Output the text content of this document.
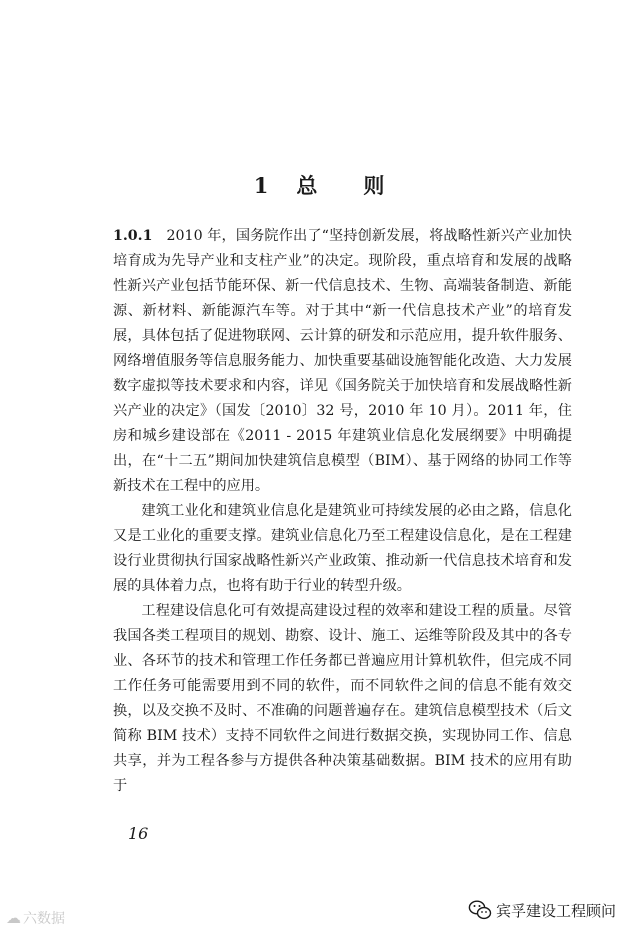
1 总 则

1.0.1 2010 年，国务院作出了“坚持创新发展，将战略性新兴产业加快培育成为先导产业和支柱产业”的决定。现阶段，重点培育和发展的战略性新兴产业包括节能环保、新一代信息技术、生物、高端装备制造、新能源、新材料、新能源汽车等。对于其中“新一代信息技术产业”的培育发展，具体包括了促进物联网、云计算的研发和示范应用，提升软件服务、网络增值服务等信息服务能力、加快重要基础设施智能化改造、大力发展数字虚拟等技术要求和内容，详见《国务院关于加快培育和发展战略性新兴产业的决定》（国发〔2010〕32 号，2010 年 10 月）。2011 年，住房和城乡建设部在《2011 - 2015 年建筑业信息化发展纲要》中明确提出，在“十二五”期间加快建筑信息模型（BIM）、基于网络的协同工作等新技术在工程中的应用。

建筑工业化和建筑业信息化是建筑业可持续发展的必由之路，信息化又是工业化的重要支撑。建筑业信息化乃至工程建设信息化，是在工程建设行业贯彻执行国家战略性新兴产业政策、推动新一代信息技术培育和发展的具体着力点，也将有助于行业的转型升级。

工程建设信息化可有效提高建设过程的效率和建设工程的质量。尽管我国各类工程项目的规划、勘察、设计、施工、运维等阶段及其中的各专业、各环节的技术和管理工作任务都已普遍应用计算机软件，但完成不同工作任务可能需要用到不同的软件，而不同软件之间的信息不能有效交换，以及交换不及时、不准确的问题普遍存在。建筑信息模型技术（后文简称 BIM 技术）支持不同软件之间进行数据交换，实现协同工作、信息共享，并为工程各参与方提供各种决策基础数据。BIM 技术的应用有助于

16
☁ 六数据	宾孚建设工程顾问
